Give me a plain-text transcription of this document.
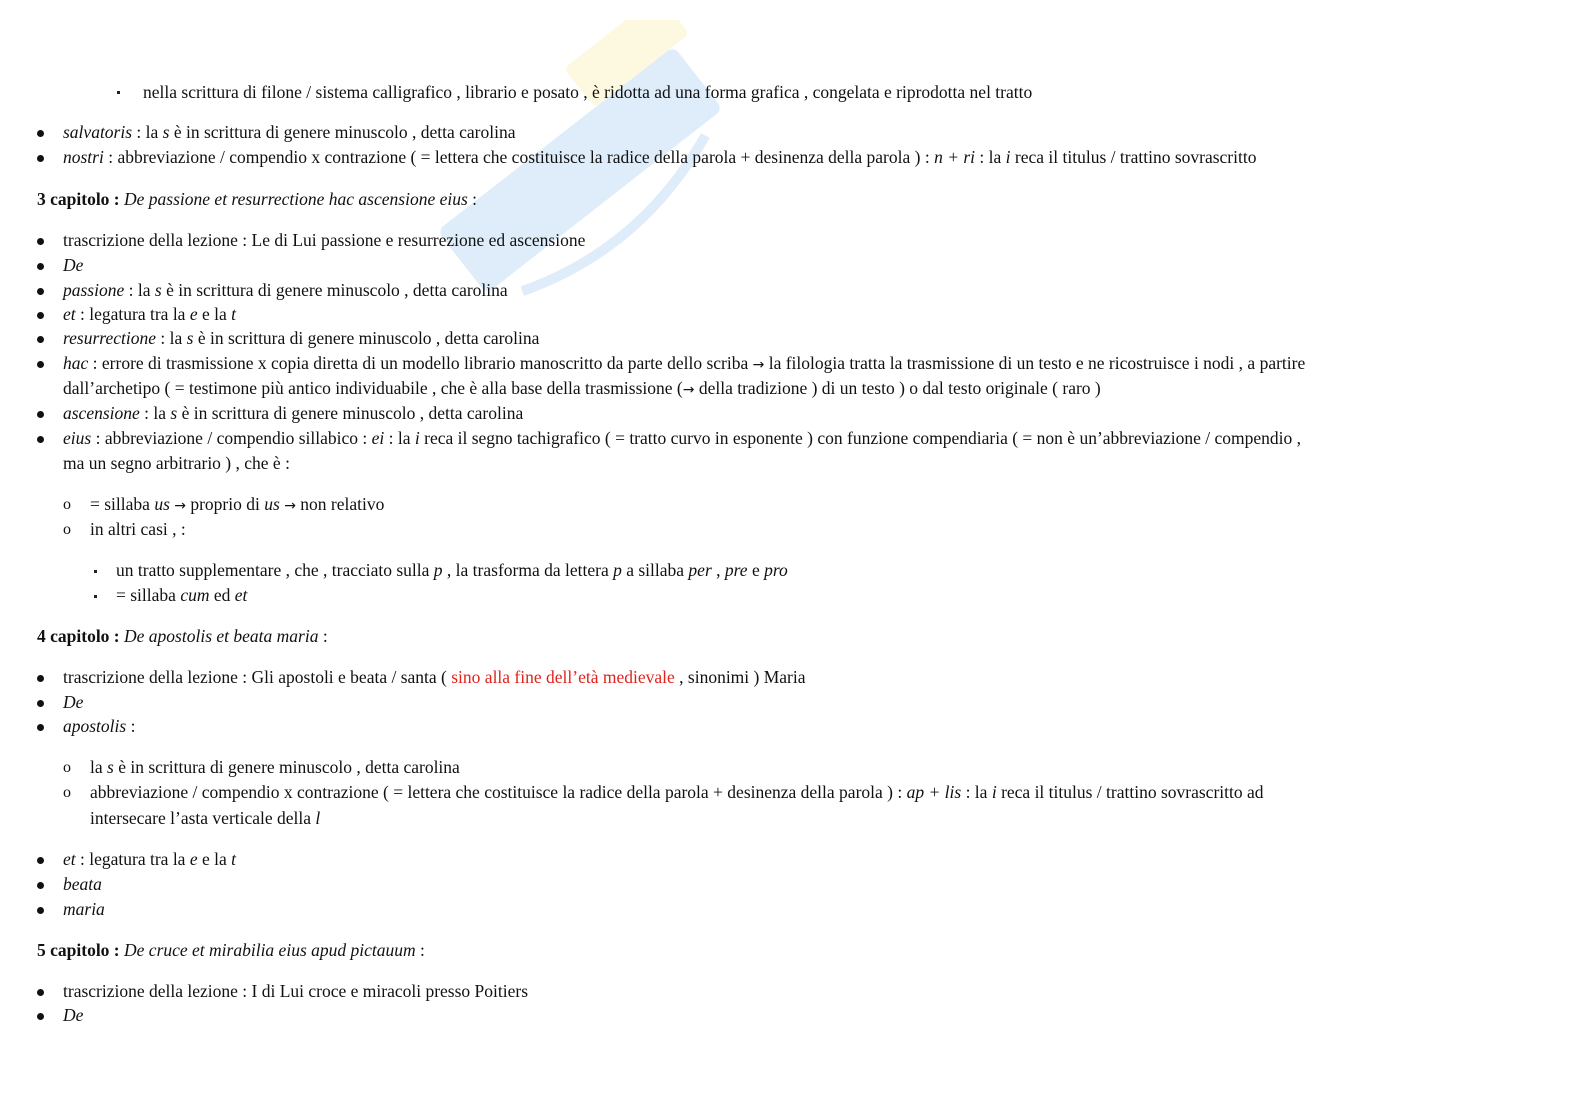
nella scrittura di filone / sistema calligrafico , librario e posato , è ridotta ad una forma grafica , congelata e riprodotta nel tratto
salvatoris : la s è in scrittura di genere minuscolo , detta carolina
nostri : abbreviazione / compendio x contrazione ( = lettera che costituisce la radice della parola + desinenza della parola ) : n + ri : la i reca il titulus / trattino sovrascritto
3 capitolo : De passione et resurrectione hac ascensione eius :
trascrizione della lezione : Le di Lui passione e resurrezione ed ascensione
De
passione : la s è in scrittura di genere minuscolo , detta carolina
et : legatura tra la e e la t
resurrectione : la s è in scrittura di genere minuscolo , detta carolina
hac : errore di trasmissione x copia diretta di un modello librario manoscritto da parte dello scriba → la filologia tratta la trasmissione di un testo e ne ricostruisce i nodi , a partire
dall’archetipo ( = testimone più antico individuabile , che è alla base della trasmissione (→ della tradizione ) di un testo ) o dal testo originale ( raro )
ascensione : la s è in scrittura di genere minuscolo , detta carolina
eius : abbreviazione / compendio sillabico : ei : la i reca il segno tachigrafico ( = tratto curvo in esponente ) con funzione compendiaria ( = non è un’abbreviazione / compendio ,
ma un segno arbitrario ) , che è :
o = sillaba us → proprio di us → non relativo
o in altri casi , :
un tratto supplementare , che , tracciato sulla p , la trasforma da lettera p a sillaba per , pre e pro
= sillaba cum ed et
4 capitolo : De apostolis et beata maria :
trascrizione della lezione : Gli apostoli e beata / santa ( sino alla fine dell’età medievale , sinonimi ) Maria
De
apostolis :
o la s è in scrittura di genere minuscolo , detta carolina
o abbreviazione / compendio x contrazione ( = lettera che costituisce la radice della parola + desinenza della parola ) : ap + lis : la i reca il titulus / trattino sovrascritto ad
intersecare l’asta verticale della l
et : legatura tra la e e la t
beata
maria
5 capitolo : De cruce et mirabilia eius apud pictauum :
trascrizione della lezione : I di Lui croce e miracoli presso Poitiers
De
